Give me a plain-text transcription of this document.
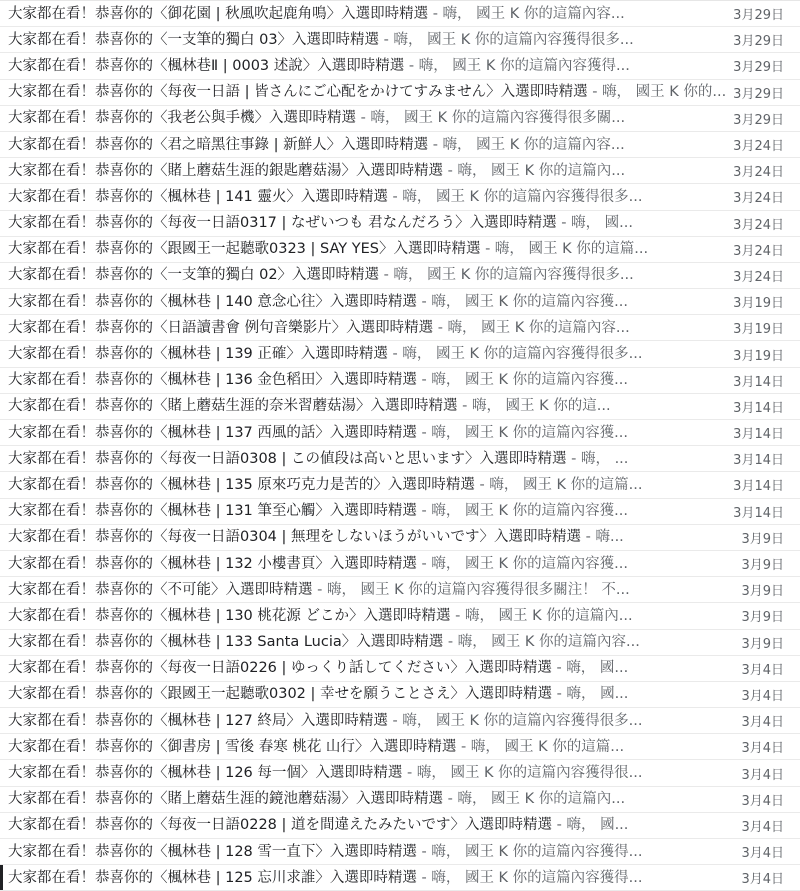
大家都在看！恭喜你的〈御花園 | 秋風吹起鹿角鳴〉入選即時精選 - 嗨， 國王 K 你的這篇內容...	3月29日
大家都在看！恭喜你的〈一支筆的獨白 03〉入選即時精選 - 嗨， 國王 K 你的這篇內容獲得很多...	3月29日
大家都在看！恭喜你的〈楓林巷Ⅱ | 0003 述說〉入選即時精選 - 嗨， 國王 K 你的這篇內容獲得...	3月29日
大家都在看！恭喜你的〈每夜一日語 | 皆さんにご心配をかけてすみません〉入選即時精選 - 嗨， 國王 K 你的... 3月29日
大家都在看！恭喜你的〈我老公與手機〉入選即時精選 - 嗨， 國王 K 你的這篇內容獲得很多關...	3月29日
大家都在看！恭喜你的〈君之暗黑往事錄 | 新鮮人〉入選即時精選 - 嗨， 國王 K 你的這篇內容...	3月24日
大家都在看！恭喜你的〈賭上蘑菇生涯的銀匙蘑菇湯〉入選即時精選 - 嗨， 國王 K 你的這篇內...	3月24日
大家都在看！恭喜你的〈楓林巷 | 141 靈火〉入選即時精選 - 嗨， 國王 K 你的這篇內容獲得很多...	3月24日
大家都在看！恭喜你的〈每夜一日語0317 | なぜいつも 君なんだろう〉入選即時精選 - 嗨， 國...	3月24日
大家都在看！恭喜你的〈跟國王一起聽歌0323 | SAY YES〉入選即時精選 - 嗨， 國王 K 你的這篇...	3月24日
大家都在看！恭喜你的〈一支筆的獨白 02〉入選即時精選 - 嗨， 國王 K 你的這篇內容獲得很多...	3月24日
大家都在看！恭喜你的〈楓林巷 | 140 意念心往〉入選即時精選 - 嗨， 國王 K 你的這篇內容獲...	3月19日
大家都在看！恭喜你的〈日語讀書會 例句音樂影片〉入選即時精選 - 嗨， 國王 K 你的這篇內容...	3月19日
大家都在看！恭喜你的〈楓林巷 | 139 正確〉入選即時精選 - 嗨， 國王 K 你的這篇內容獲得很多...	3月19日
大家都在看！恭喜你的〈楓林巷 | 136 金色稻田〉入選即時精選 - 嗨， 國王 K 你的這篇內容獲...	3月14日
大家都在看！恭喜你的〈賭上蘑菇生涯的奈米習蘑菇湯〉入選即時精選 - 嗨， 國王 K 你的這...	3月14日
大家都在看！恭喜你的〈楓林巷 | 137 西風的話〉入選即時精選 - 嗨， 國王 K 你的這篇內容獲...	3月14日
大家都在看！恭喜你的〈每夜一日語0308 | この値段は高いと思います〉入選即時精選 - 嗨， ...	3月14日
大家都在看！恭喜你的〈楓林巷 | 135 原來巧克力是苦的〉入選即時精選 - 嗨， 國王 K 你的這篇...	3月14日
大家都在看！恭喜你的〈楓林巷 | 131 筆至心觸〉入選即時精選 - 嗨， 國王 K 你的這篇內容獲...	3月14日
大家都在看！恭喜你的〈每夜一日語0304 | 無理をしないほうがいいです〉入選即時精選 - 嗨...	3月9日
大家都在看！恭喜你的〈楓林巷 | 132 小樓書頁〉入選即時精選 - 嗨， 國王 K 你的這篇內容獲...	3月9日
大家都在看！恭喜你的〈不可能〉入選即時精選 - 嗨， 國王 K 你的這篇內容獲得很多關注！ 不...	3月9日
大家都在看！恭喜你的〈楓林巷 | 130 桃花源 どこか〉入選即時精選 - 嗨， 國王 K 你的這篇內...	3月9日
大家都在看！恭喜你的〈楓林巷 | 133 Santa Lucia〉入選即時精選 - 嗨， 國王 K 你的這篇內容...	3月9日
大家都在看！恭喜你的〈每夜一日語0226 | ゆっくり話してください〉入選即時精選 - 嗨， 國...	3月4日
大家都在看！恭喜你的〈跟國王一起聽歌0302 | 幸せを願うことさえ〉入選即時精選 - 嗨， 國...	3月4日
大家都在看！恭喜你的〈楓林巷 | 127 終局〉入選即時精選 - 嗨， 國王 K 你的這篇內容獲得很多...	3月4日
大家都在看！恭喜你的〈御書房 | 雪後 春寒 桃花 山行〉入選即時精選 - 嗨， 國王 K 你的這篇...	3月4日
大家都在看！恭喜你的〈楓林巷 | 126 每一個〉入選即時精選 - 嗨， 國王 K 你的這篇內容獲得很...	3月4日
大家都在看！恭喜你的〈賭上蘑菇生涯的鏡池蘑菇湯〉入選即時精選 - 嗨， 國王 K 你的這篇內...	3月4日
大家都在看！恭喜你的〈每夜一日語0228 | 道を間違えたみたいです〉入選即時精選 - 嗨， 國...	3月4日
大家都在看！恭喜你的〈楓林巷 | 128 雪一直下〉入選即時精選 - 嗨， 國王 K 你的這篇內容獲得...	3月4日
大家都在看！恭喜你的〈楓林巷 | 125 忘川求誰〉入選即時精選 - 嗨， 國王 K 你的這篇內容獲得...	3月4日
